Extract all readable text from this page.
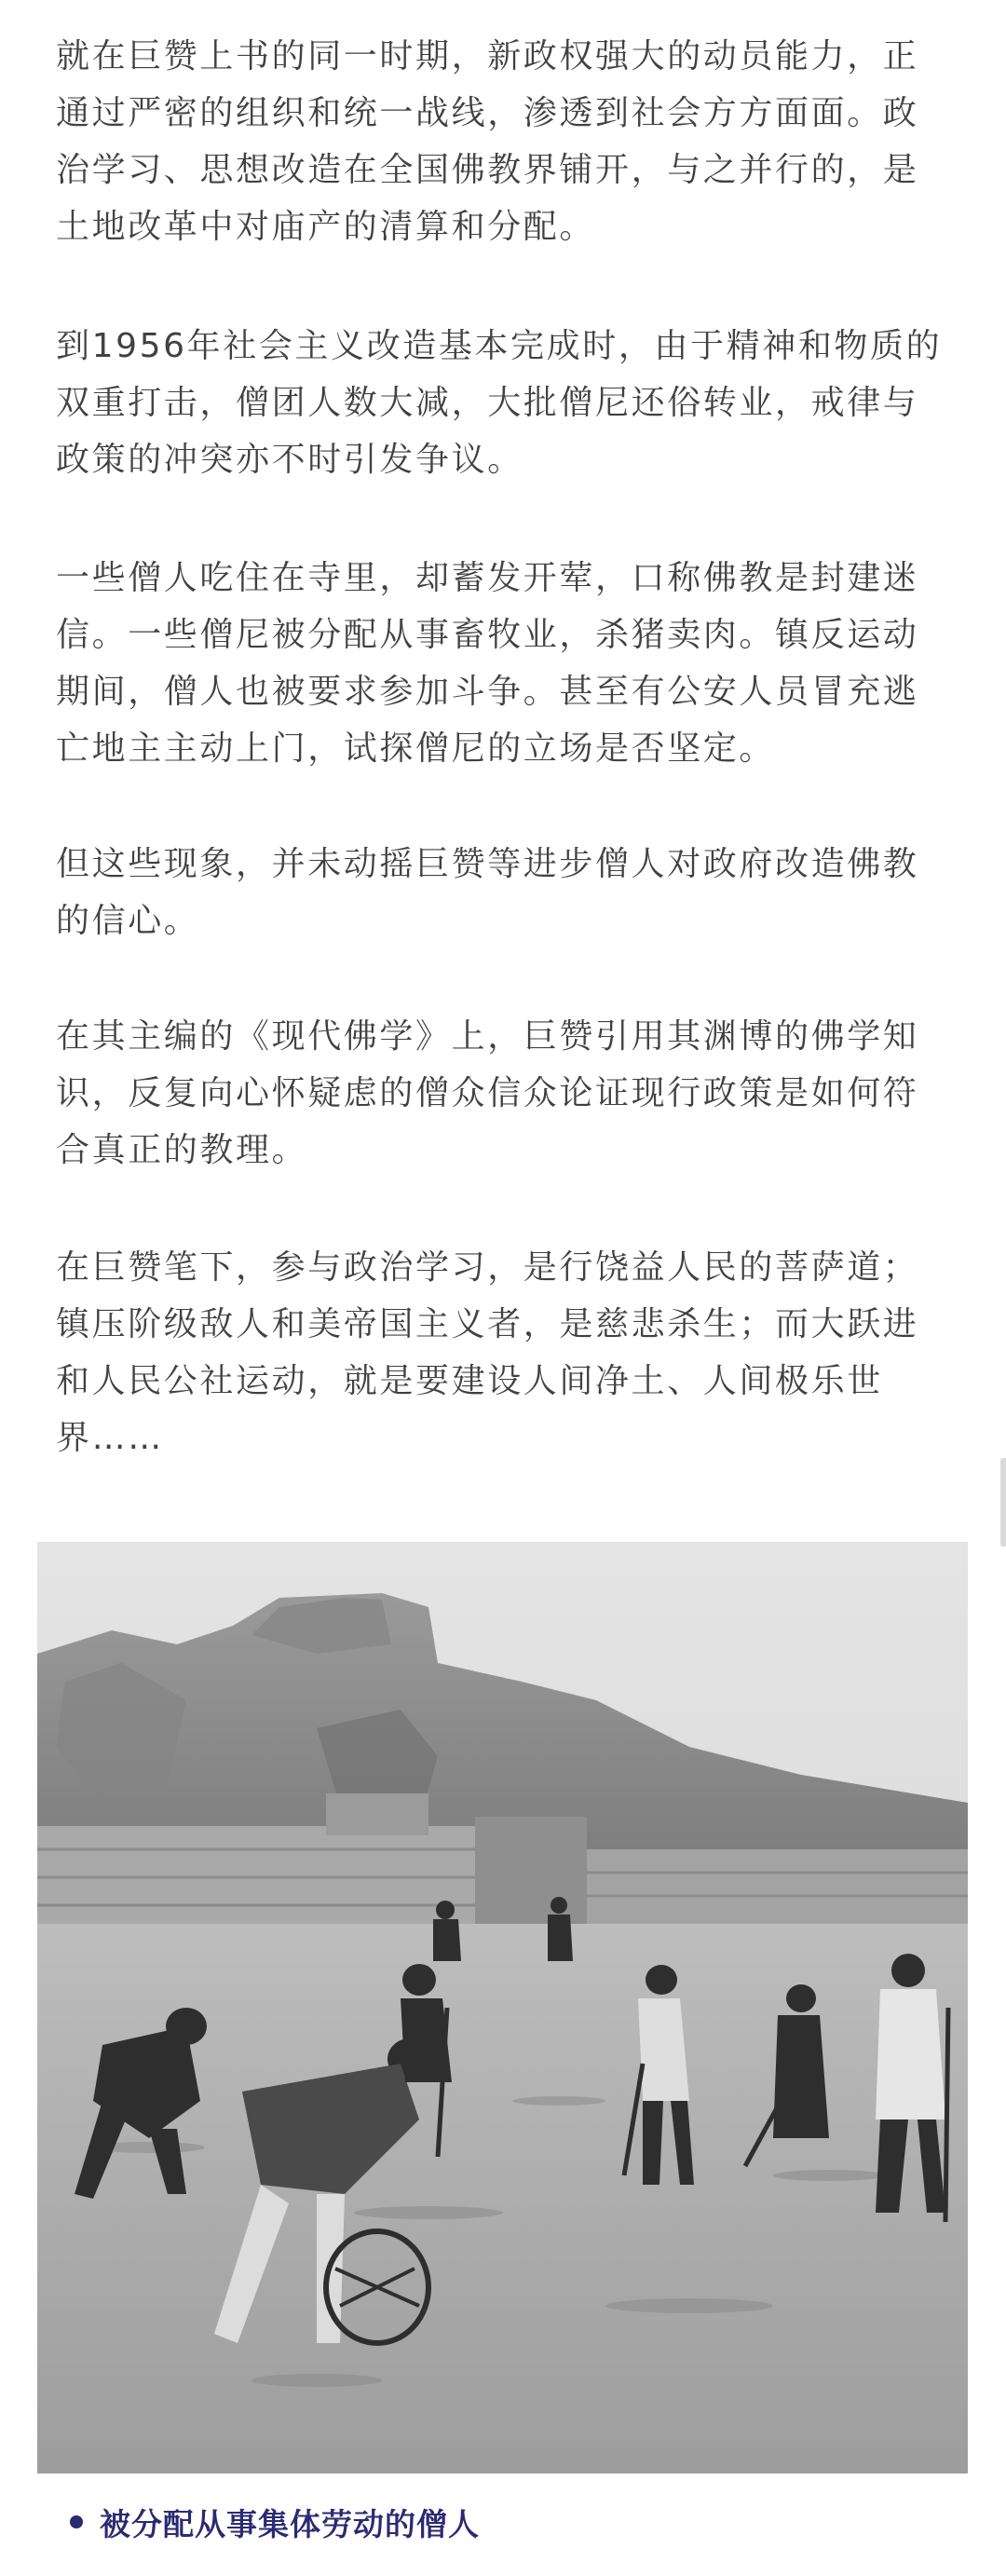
就在巨赞上书的同一时期，新政权强大的动员能力，正通过严密的组织和统一战线，渗透到社会方方面面。政治学习、思想改造在全国佛教界铺开，与之并行的，是土地改革中对庙产的清算和分配。

到1956年社会主义改造基本完成时，由于精神和物质的双重打击，僧团人数大减，大批僧尼还俗转业，戒律与政策的冲突亦不时引发争议。

一些僧人吃住在寺里，却蓄发开荤，口称佛教是封建迷信。一些僧尼被分配从事畜牧业，杀猪卖肉。镇反运动期间，僧人也被要求参加斗争。甚至有公安人员冒充逃亡地主主动上门，试探僧尼的立场是否坚定。

但这些现象，并未动摇巨赞等进步僧人对政府改造佛教的信心。

在其主编的《现代佛学》上，巨赞引用其渊博的佛学知识，反复向心怀疑虑的僧众信众论证现行政策是如何符合真正的教理。

在巨赞笔下，参与政治学习，是行饶益人民的菩萨道；镇压阶级敌人和美帝国主义者，是慈悲杀生；而大跃进和人民公社运动，就是要建设人间净土、人间极乐世界……

被分配从事集体劳动的僧人
